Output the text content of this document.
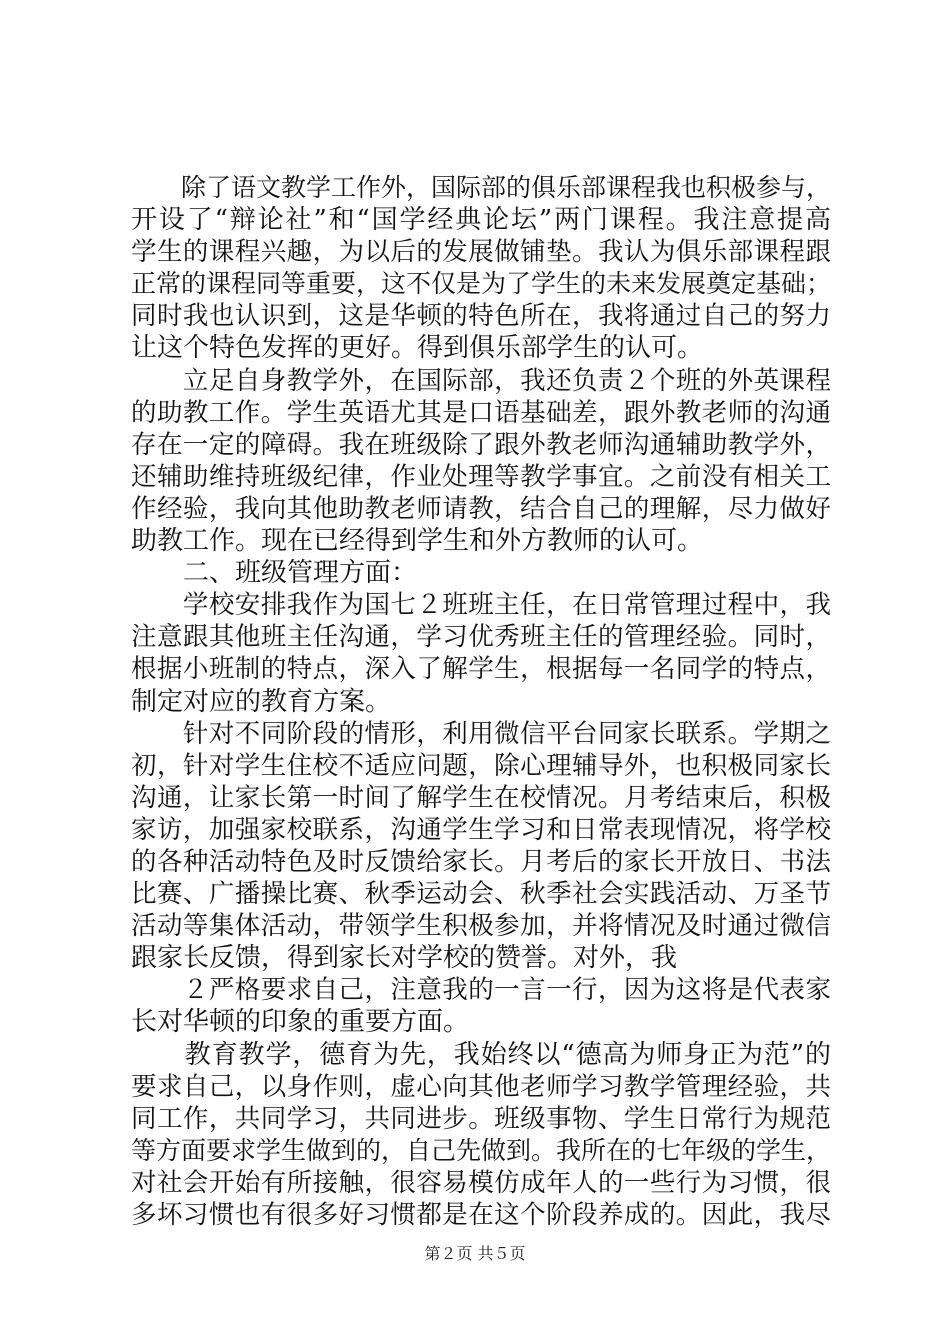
　　除了语文教学工作外，国际部的俱乐部课程我也积极参与，
开设了“辩论社”和“国学经典论坛”两门课程。我注意提高
学生的课程兴趣，为以后的发展做铺垫。我认为俱乐部课程跟
正常的课程同等重要，这不仅是为了学生的未来发展奠定基础；
同时我也认识到，这是华顿的特色所在，我将通过自己的努力
让这个特色发挥的更好。得到俱乐部学生的认可。
　　立足自身教学外，在国际部，我还负责２个班的外英课程
的助教工作。学生英语尤其是口语基础差，跟外教老师的沟通
存在一定的障碍。我在班级除了跟外教老师沟通辅助教学外，
还辅助维持班级纪律，作业处理等教学事宜。之前没有相关工
作经验，我向其他助教老师请教，结合自己的理解，尽力做好
助教工作。现在已经得到学生和外方教师的认可。
　　二、班级管理方面：
　　学校安排我作为国七２班班主任，在日常管理过程中，我
注意跟其他班主任沟通，学习优秀班主任的管理经验。同时，
根据小班制的特点，深入了解学生，根据每一名同学的特点，
制定对应的教育方案。
　　针对不同阶段的情形，利用微信平台同家长联系。学期之
初，针对学生住校不适应问题，除心理辅导外，也积极同家长
沟通，让家长第一时间了解学生在校情况。月考结束后，积极
家访，加强家校联系，沟通学生学习和日常表现情况，将学校
的各种活动特色及时反馈给家长。月考后的家长开放日、书法
比赛、广播操比赛、秋季运动会、秋季社会实践活动、万圣节
活动等集体活动，带领学生积极参加，并将情况及时通过微信
跟家长反馈，得到家长对学校的赞誉。对外，我
　　２严格要求自己，注意我的一言一行，因为这将是代表家
长对华顿的印象的重要方面。
　　教育教学，德育为先，我始终以“德高为师身正为范”的
要求自己，以身作则，虚心向其他老师学习教学管理经验，共
同工作，共同学习，共同进步。班级事物、学生日常行为规范
等方面要求学生做到的，自己先做到。我所在的七年级的学生，
对社会开始有所接触，很容易模仿成年人的一些行为习惯，很
多坏习惯也有很多好习惯都是在这个阶段养成的。因此，我尽
第２页 共５页
